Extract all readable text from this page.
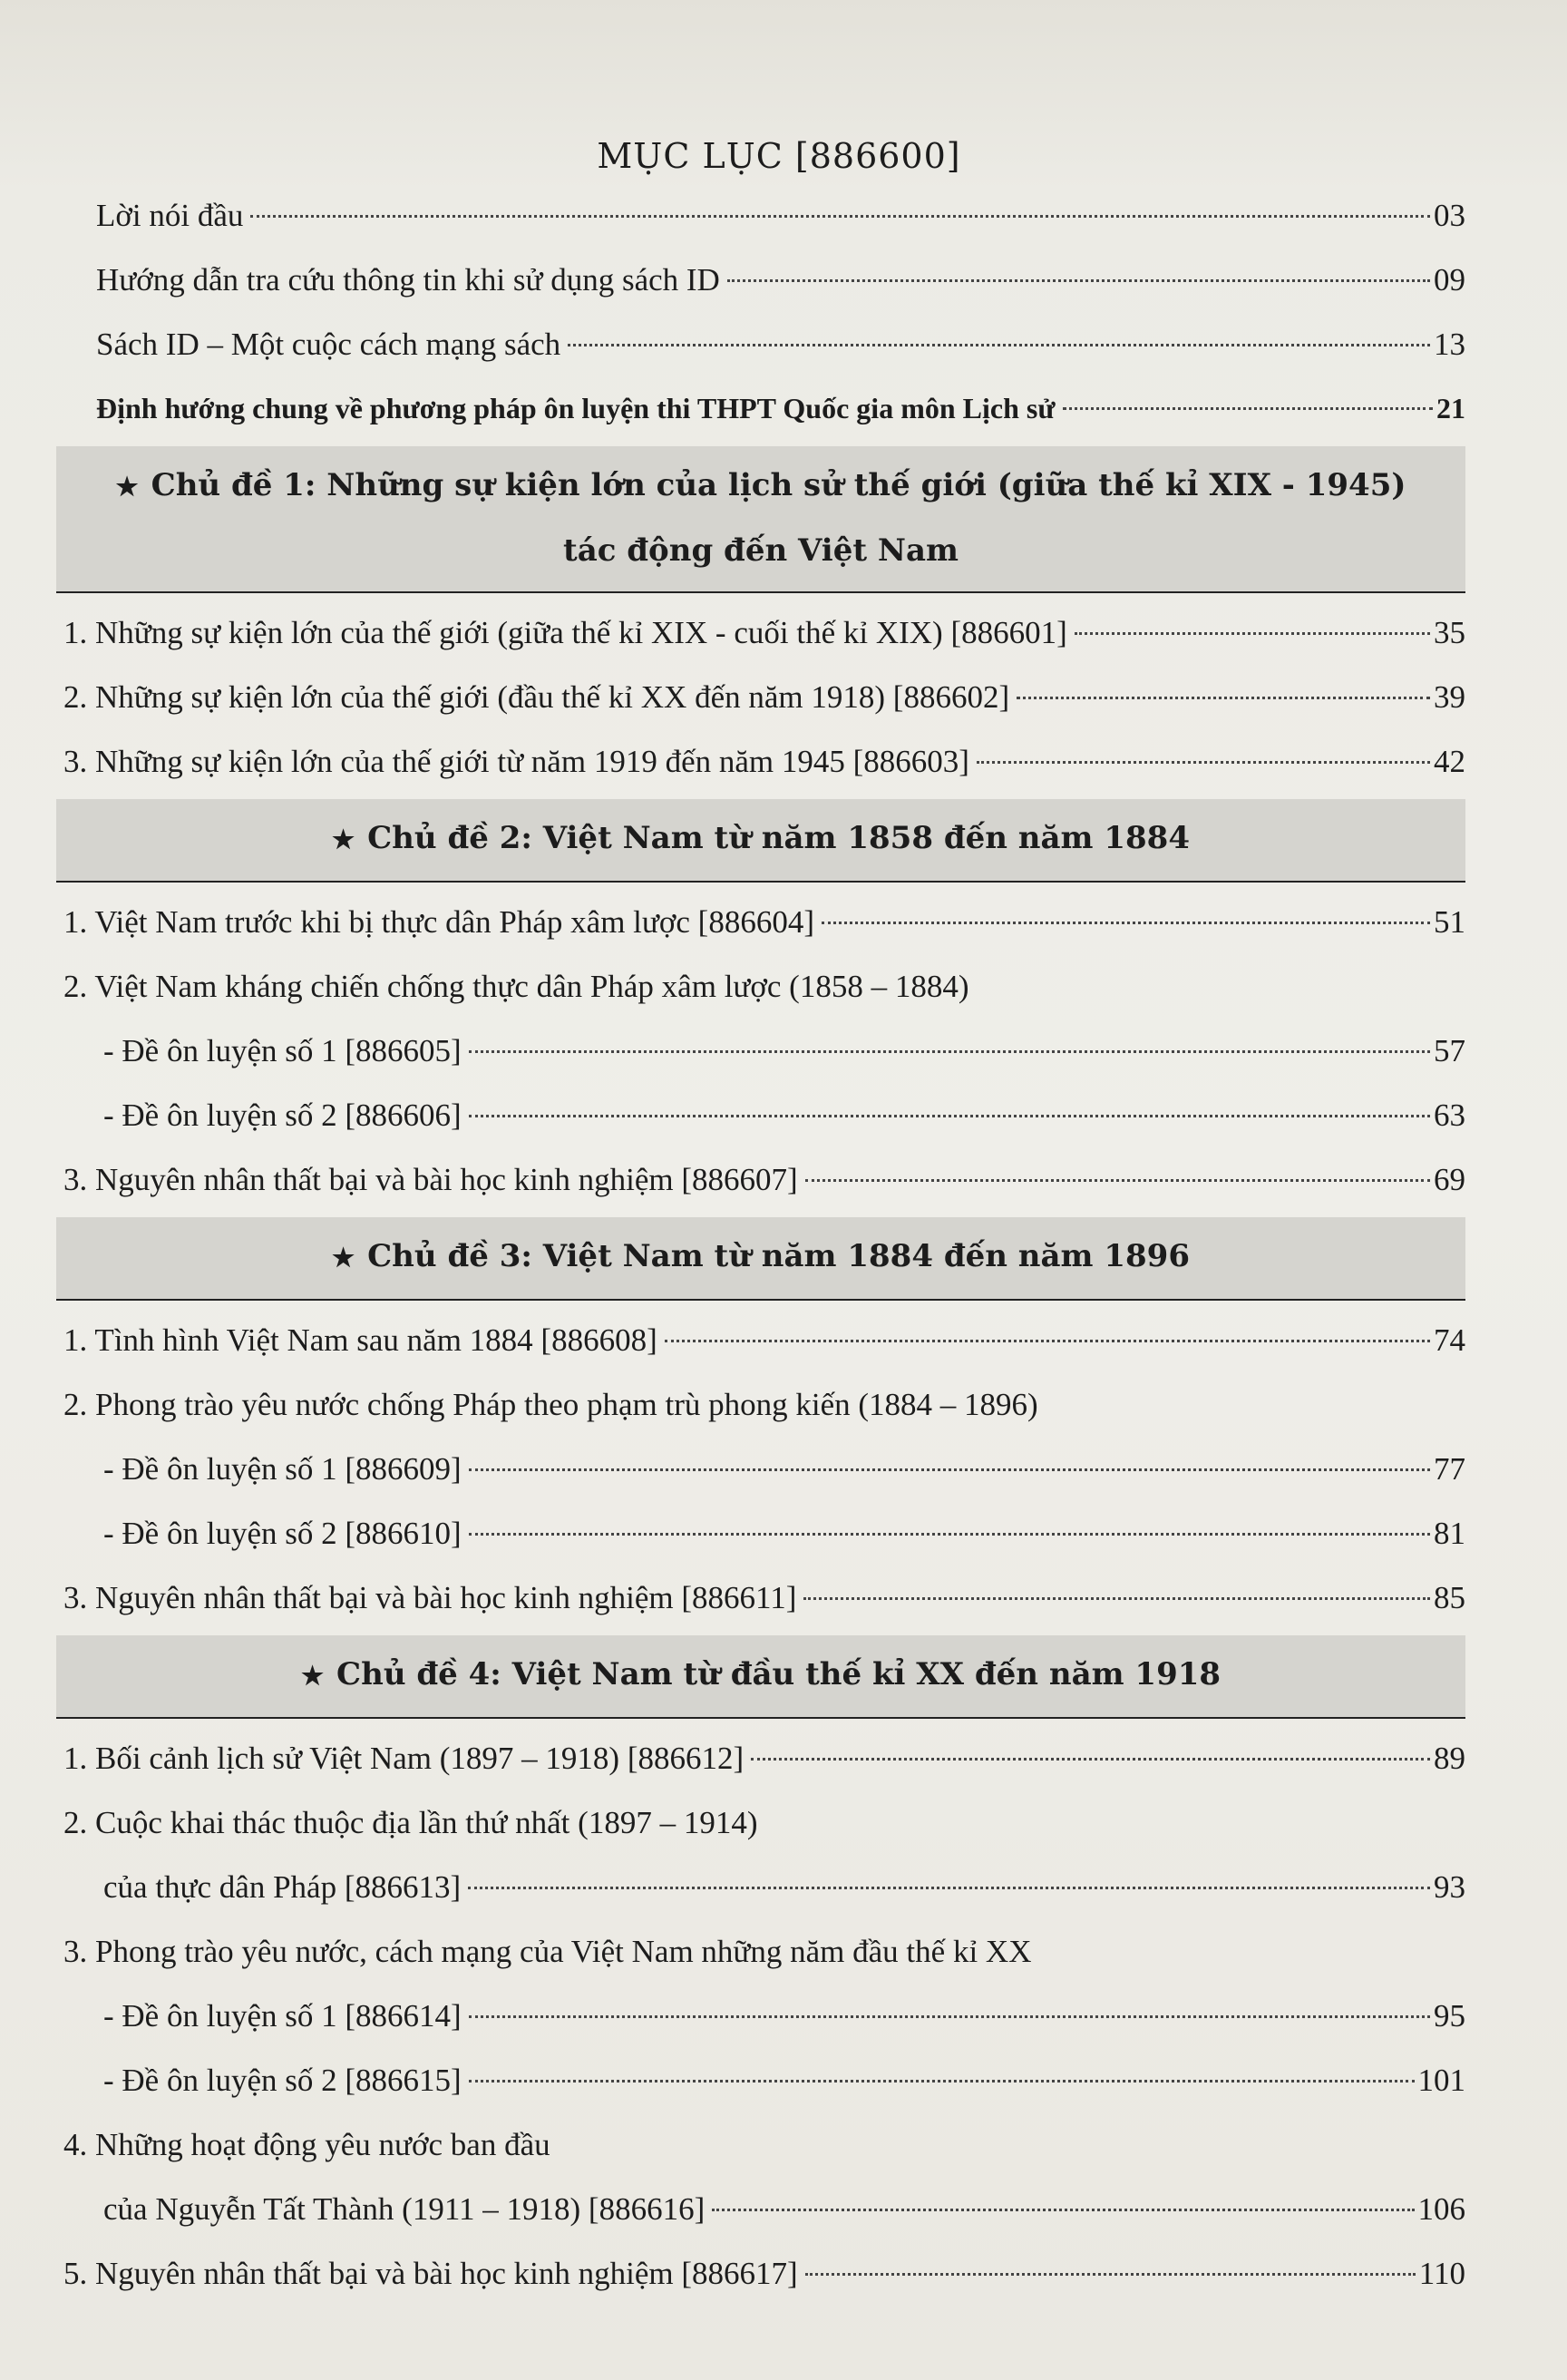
MỤC LỤC [886600]
Lời nói đầu	03
Hướng dẫn tra cứu thông tin khi sử dụng sách ID	09
Sách ID – Một cuộc cách mạng sách	13
Định hướng chung về phương pháp ôn luyện thi THPT Quốc gia môn Lịch sử	21
★ Chủ đề 1: Những sự kiện lớn của lịch sử thế giới (giữa thế kỉ XIX - 1945)
tác động đến Việt Nam
1. Những sự kiện lớn của thế giới (giữa thế kỉ XIX - cuối thế kỉ XIX) [886601]	35
2. Những sự kiện lớn của thế giới (đầu thế kỉ XX đến năm 1918) [886602]	39
3. Những sự kiện lớn của thế giới từ năm 1919 đến năm 1945 [886603]	42
★ Chủ đề 2: Việt Nam từ năm 1858 đến năm 1884
1. Việt Nam trước khi bị thực dân Pháp xâm lược [886604]	51
2. Việt Nam kháng chiến chống thực dân Pháp xâm lược (1858 – 1884)
- Đề ôn luyện số 1 [886605]	57
- Đề ôn luyện số 2 [886606]	63
3. Nguyên nhân thất bại và bài học kinh nghiệm [886607]	69
★ Chủ đề 3: Việt Nam từ năm 1884 đến năm 1896
1. Tình hình Việt Nam sau năm 1884 [886608]	74
2. Phong trào yêu nước chống Pháp theo phạm trù phong kiến (1884 – 1896)
- Đề ôn luyện số 1 [886609]	77
- Đề ôn luyện số 2 [886610]	81
3. Nguyên nhân thất bại và bài học kinh nghiệm [886611]	85
★ Chủ đề 4: Việt Nam từ đầu thế kỉ XX đến năm 1918
1. Bối cảnh lịch sử Việt Nam (1897 – 1918) [886612]	89
2. Cuộc khai thác thuộc địa lần thứ nhất (1897 – 1914)
của thực dân Pháp [886613]	93
3. Phong trào yêu nước, cách mạng của Việt Nam những năm đầu thế kỉ XX
- Đề ôn luyện số 1 [886614]	95
- Đề ôn luyện số 2 [886615]	101
4. Những hoạt động yêu nước ban đầu
của Nguyễn Tất Thành (1911 – 1918) [886616]	106
5. Nguyên nhân thất bại và bài học kinh nghiệm [886617]	110
